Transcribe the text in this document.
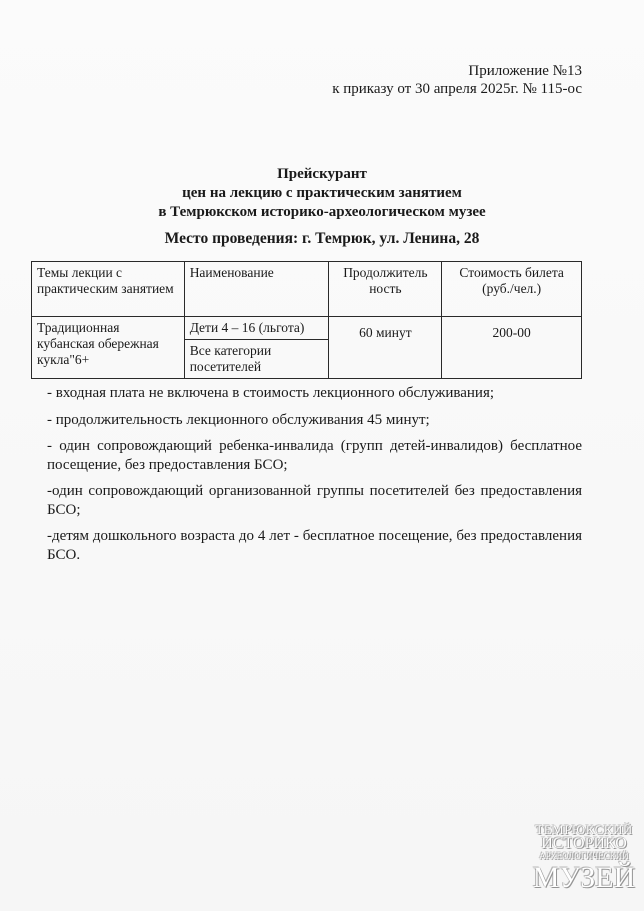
Приложение №13
к приказу от 30 апреля 2025г. № 115-ос
Прейскурант
цен на лекцию с практическим занятием
в Темрюкском историко-археологическом музее
Место проведения: г. Темрюк, ул. Ленина, 28
Темы лекции с практическим занятием	Наименование	Продолжитель ность	Стоимость билета (руб./чел.)
Традиционная кубанская обережная кукла"6+	Дети 4 – 16 (льгота)	60 минут	200-00
	Все категории посетителей		

- входная плата не включена в стоимость лекционного обслуживания;

- продолжительность лекционного обслуживания 45 минут;

- один сопровождающий ребенка-инвалида (групп детей-инвалидов) бесплатное посещение, без предоставления БСО;

-один сопровождающий организованной группы посетителей без предоставления БСО;

-детям дошкольного возраста до 4 лет - бесплатное посещение, без предоставления БСО.

ТЕМРЮКСКИЙ
ИСТОРИКО
АРХЕОЛОГИЧЕСКИЙ
МУЗЕЙ
